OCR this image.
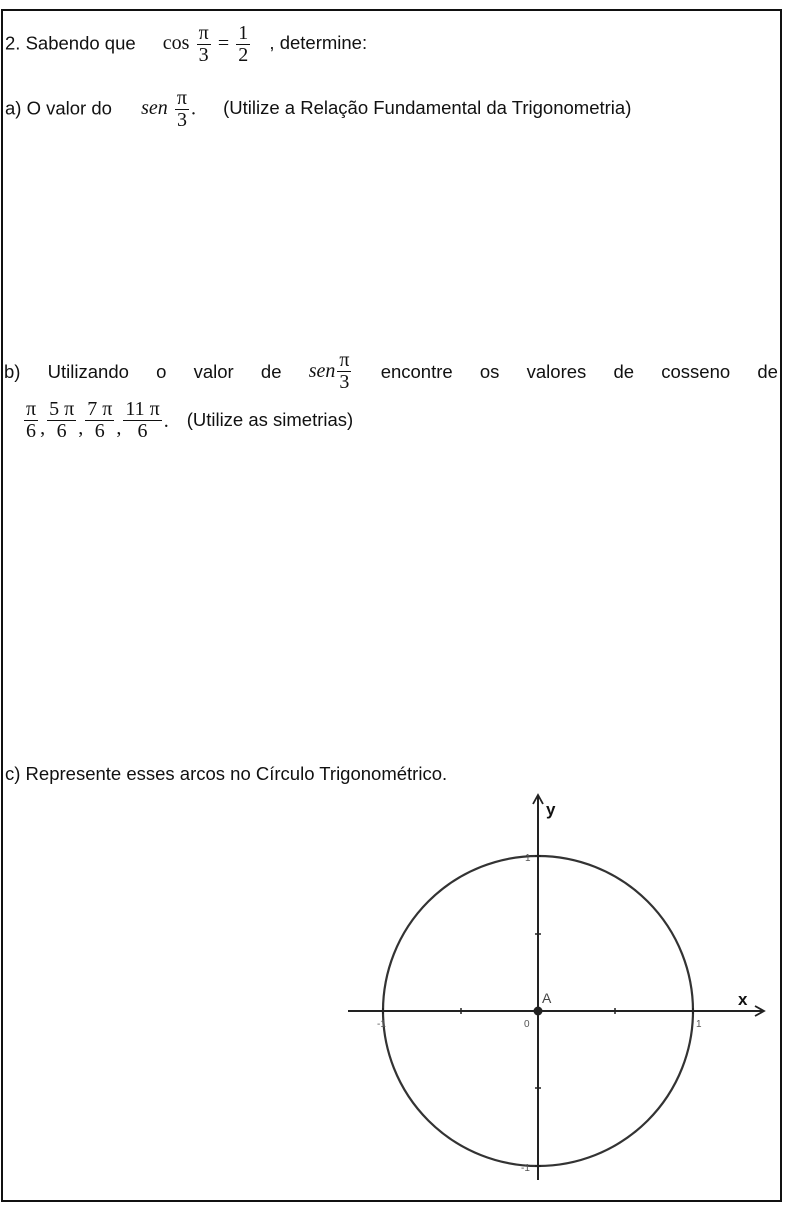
2. Sabendo que $\cos \frac{\pi}{3} = \frac{1}{2}$ , determine:
a) O valor do sen $\frac{\pi}{3}$ . (Utilize a Relação Fundamental da Trigonometria)
b) Utilizando o valor de sen $\frac{\pi}{3}$ encontre os valores de cosseno de
$\frac{\pi}{6}$ , $\frac{5 \pi}{6}$ , $\frac{7 \pi}{6}$ , $\frac{11 \pi}{6}$ . (Utilize as simetrias)
c) Represente esses arcos no Círculo Trigonométrico.
y
x
A
0
1
-1	1
-1
